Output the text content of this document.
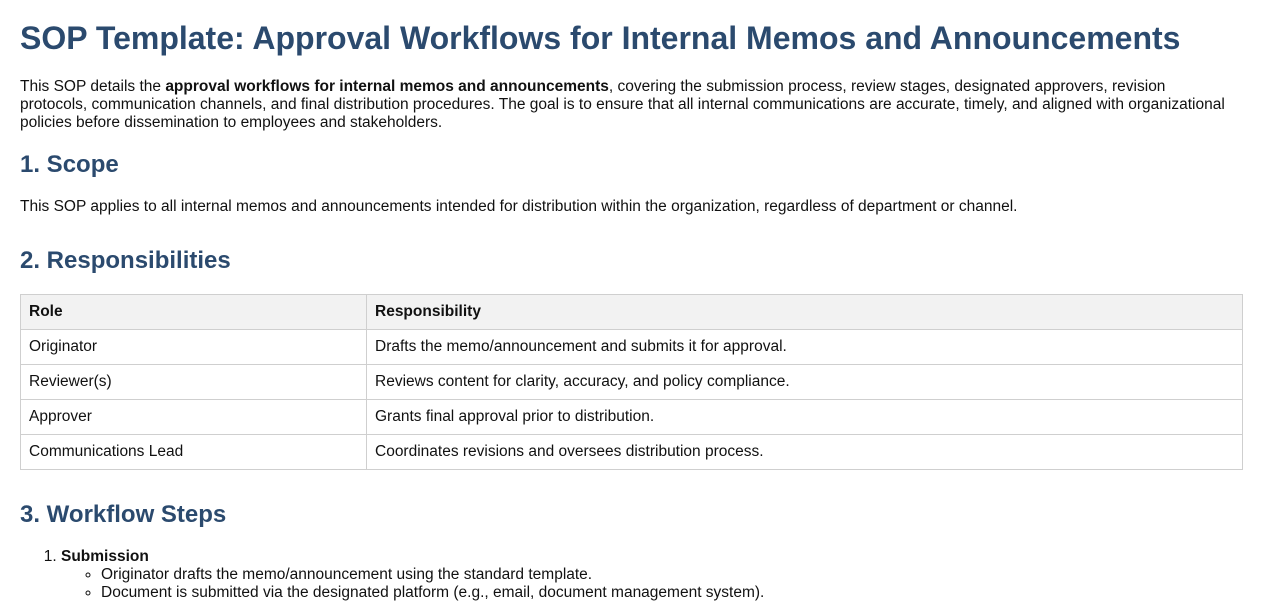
SOP Template: Approval Workflows for Internal Memos and Announcements

This SOP details the approval workflows for internal memos and announcements, covering the submission process, review stages, designated approvers, revision protocols, communication channels, and final distribution procedures. The goal is to ensure that all internal communications are accurate, timely, and aligned with organizational policies before dissemination to employees and stakeholders.

1. Scope

This SOP applies to all internal memos and announcements intended for distribution within the organization, regardless of department or channel.

2. Responsibilities
Role	Responsibility
Originator	Drafts the memo/announcement and submits it for approval.
Reviewer(s)	Reviews content for clarity, accuracy, and policy compliance.
Approver	Grants final approval prior to distribution.
Communications Lead	Coordinates revisions and oversees distribution process.
3. Workflow Steps
1. Submission
◦ Originator drafts the memo/announcement using the standard template.
◦ Document is submitted via the designated platform (e.g., email, document management system).
